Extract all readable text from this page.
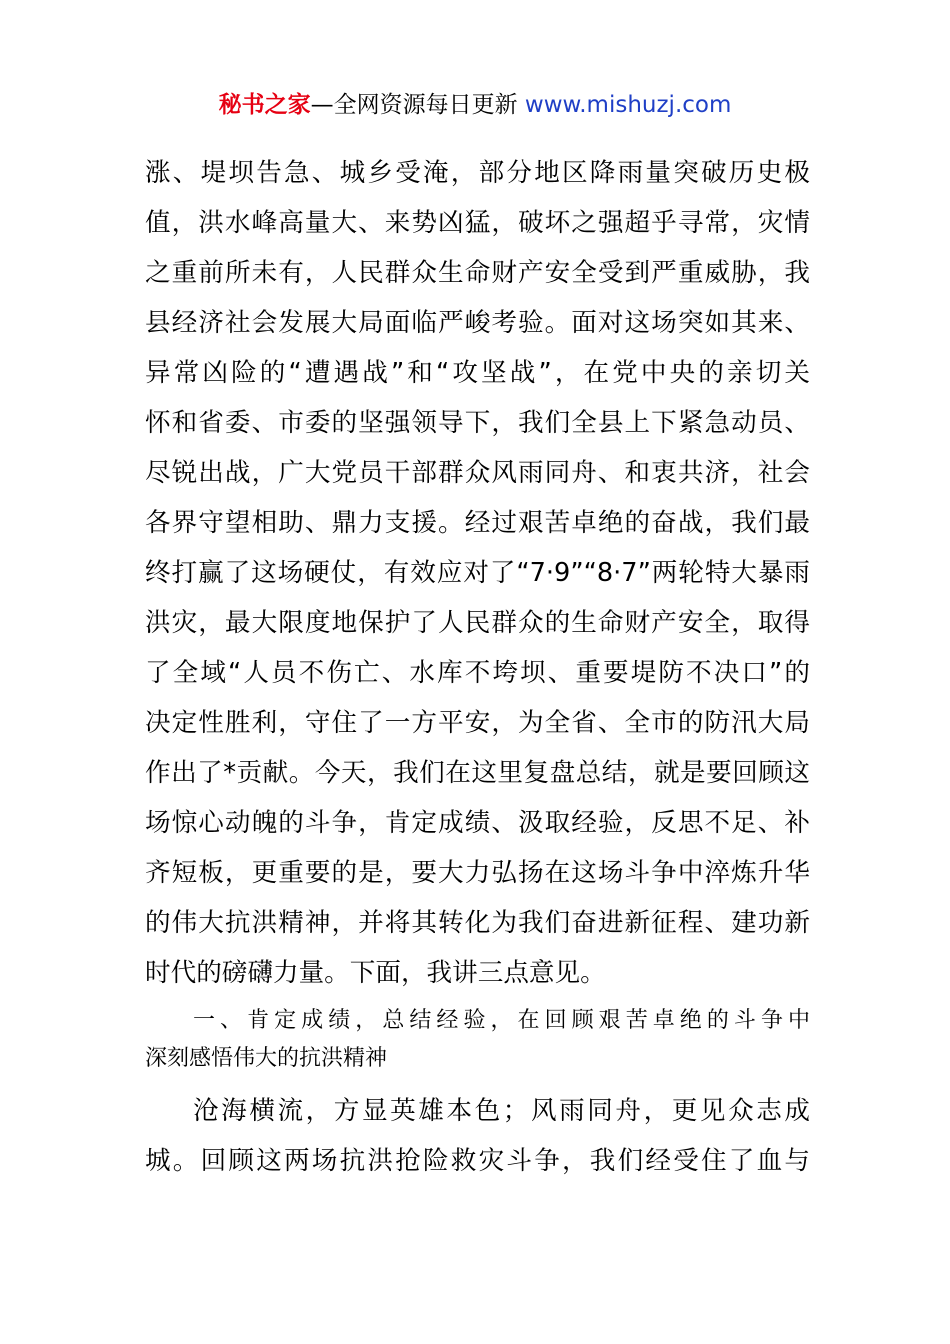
秘书之家—全网资源每日更新 www.mishuzj.com
涨、堤坝告急、城乡受淹，部分地区降雨量突破历史极
值，洪水峰高量大、来势凶猛，破坏之强超乎寻常，灾情
之重前所未有，人民群众生命财产安全受到严重威胁，我
县经济社会发展大局面临严峻考验。面对这场突如其来、
异常凶险的“遭遇战”和“攻坚战”，在党中央的亲切关
怀和省委、市委的坚强领导下，我们全县上下紧急动员、
尽锐出战，广大党员干部群众风雨同舟、和衷共济，社会
各界守望相助、鼎力支援。经过艰苦卓绝的奋战，我们最
终打赢了这场硬仗，有效应对了“7·9”“8·7”两轮特大暴雨
洪灾，最大限度地保护了人民群众的生命财产安全，取得
了全域“人员不伤亡、水库不垮坝、重要堤防不决口”的
决定性胜利，守住了一方平安，为全省、全市的防汛大局
作出了*贡献。今天，我们在这里复盘总结，就是要回顾这
场惊心动魄的斗争，肯定成绩、汲取经验，反思不足、补
齐短板，更重要的是，要大力弘扬在这场斗争中淬炼升华
的伟大抗洪精神，并将其转化为我们奋进新征程、建功新
时代的磅礴力量。下面，我讲三点意见。
一、肯定成绩，总结经验，在回顾艰苦卓绝的斗争中
深刻感悟伟大的抗洪精神
沧海横流，方显英雄本色；风雨同舟，更见众志成
城。回顾这两场抗洪抢险救灾斗争，我们经受住了血与
